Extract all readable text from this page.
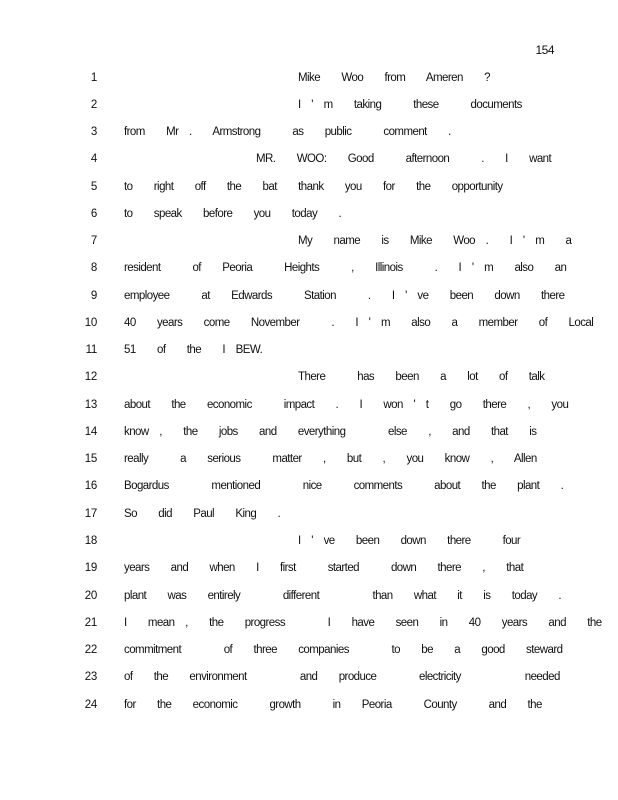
154
1	Mike  Woo  from  Ameren  ?
2	I ' m  taking   these   documents
3 from  Mr .  Armstrong   as  public   comment  .
4	MR.  WOO:  Good   afternoon   .  I  want
5 to  right  off  the  bat  thank  you  for  the  opportunity
6 to  speak  before  you  today  .
7	My  name  is  Mike  Woo .  I ' m  a
8 resident   of  Peoria   Heights   ,  Illinois   .  I ' m  also  an
9 employee   at  Edwards   Station   .  I ' ve  been  down  there
10 40  years  come  November   .  I ' m  also  a  member  of  Local
11 51  of  the  I BEW.
12	There   has  been  a  lot  of  talk
13 about  the  economic   impact  .  I  won ' t  go  there  ,  you
14 know ,  the  jobs  and  everything    else  ,  and  that  is
15 really   a  serious   matter  ,  but  ,  you  know  ,  Allen
16 Bogardus    mentioned    nice   comments   about  the  plant  .
17 So  did  Paul  King  .
18	I ' ve  been  down  there   four
19 years  and  when  I  first   started   down  there  ,  that
20 plant  was  entirely    different     than  what  it  is  today  .
21 I  mean ,  the  progress    I  have  seen  in  40  years  and  the
22 commitment    of  three  companies    to  be  a  good  steward
23 of  the  environment     and  produce    electricity      needed
24 for  the  economic   growth   in  Peoria   County   and  the
